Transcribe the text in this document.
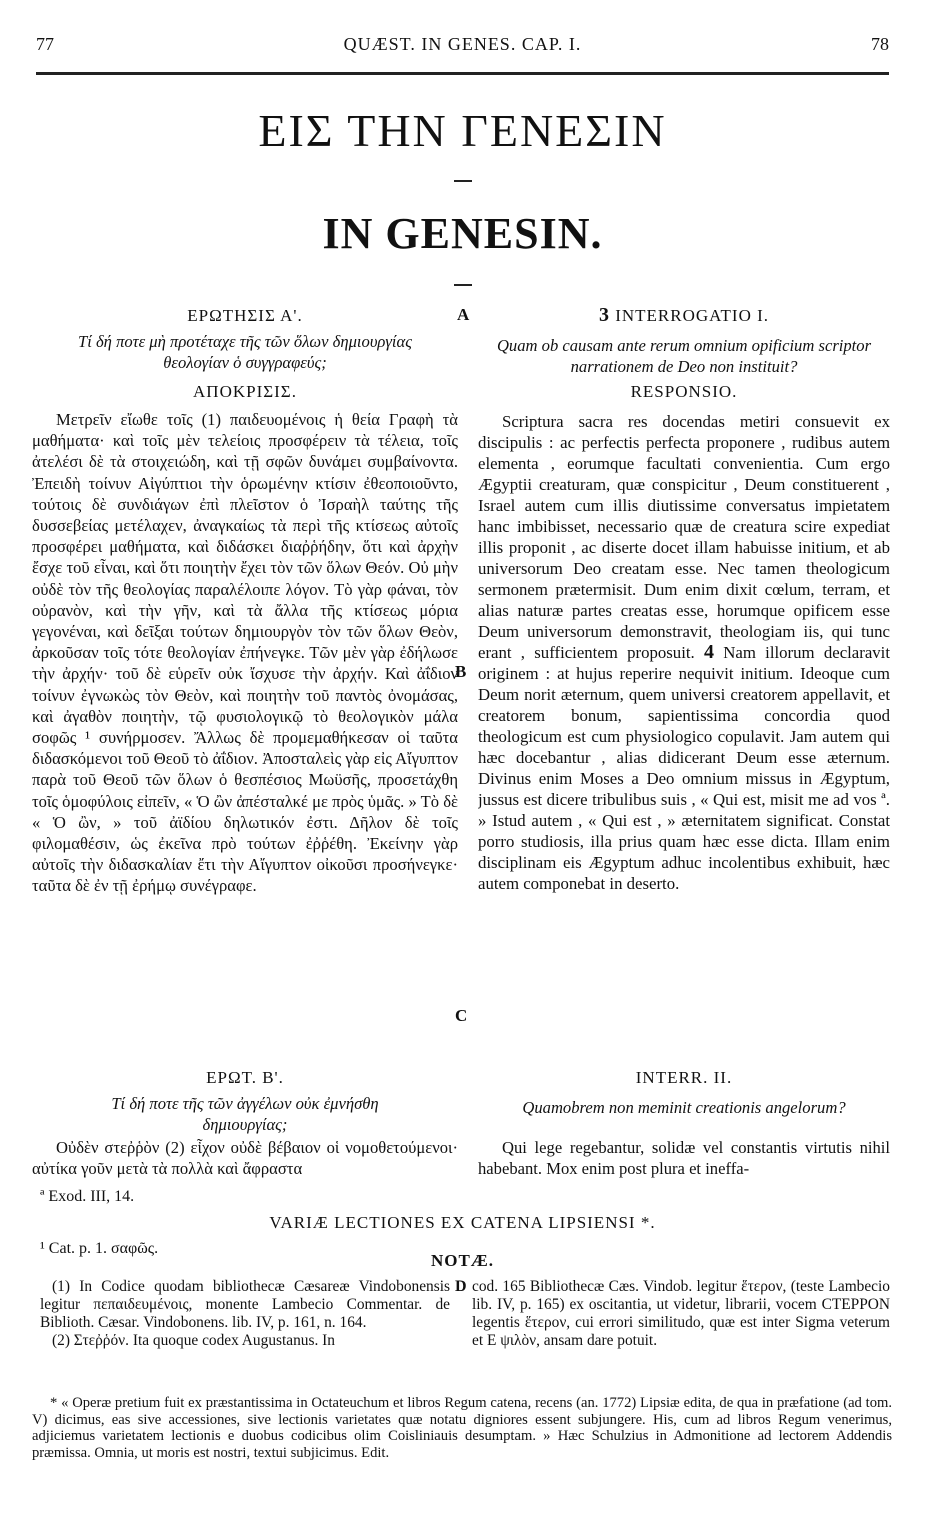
77	QUÆST. IN GENES. CAP. I.	78
ΕΙΣ ΤΗΝ ΓΕΝΕΣΙΝ
IN GENESIN.
ΕΡΩΤΗΣΙΣ Α'.
Τί δή ποτε μὴ προτέταχε τῆς τῶν ὅλων δημιουργίας θεολογίαν ὁ συγγραφεύς;
ΑΠΟΚΡΙΣΙΣ.
Μετρεῖν εἴωθε τοῖς (1) παιδευομένοις ἡ θεία Γραφὴ τὰ μαθήματα· καὶ τοῖς μὲν τελείοις προσφέρειν τὰ τέλεια, τοῖς ἀτελέσι δὲ τὰ στοιχειώδη, καὶ τῇ σφῶν δυνάμει συμβαίνοντα. Ἐπειδὴ τοίνυν Αἰγύπτιοι τὴν ὁρωμένην κτίσιν ἐθεοποιοῦντο, τούτοις δὲ συνδιάγων ἐπὶ πλεῖστον ὁ Ἰσραὴλ ταύτης τῆς δυσσεβείας μετέλαχεν, ἀναγκαίως τὰ περὶ τῆς κτίσεως αὐτοῖς προσφέρει μαθήματα, καὶ διδάσκει διαῤῥήδην, ὅτι καὶ ἀρχὴν ἔσχε τοῦ εἶναι, καὶ ὅτι ποιητὴν ἔχει τὸν τῶν ὅλων Θεόν. Οὐ μὴν οὐδὲ τὸν τῆς θεολογίας παραλέλοιπε λόγον. Τὸ γὰρ φάναι, τὸν οὐρανὸν, καὶ τὴν γῆν, καὶ τὰ ἄλλα τῆς κτίσεως μόρια γεγονέναι, καὶ δεῖξαι τούτων δημιουργὸν τὸν τῶν ὅλων Θεὸν, ἀρκοῦσαν τοῖς τότε θεολογίαν ἐπήνεγκε. Τῶν μὲν γὰρ ἐδήλωσε τὴν ἀρχήν· τοῦ δὲ εὑρεῖν οὐκ ἴσχυσε τὴν ἀρχήν. Καὶ ἀΐδιον τοίνυν ἐγνωκὼς τὸν Θεὸν, καὶ ποιητὴν τοῦ παντὸς ὀνομάσας, καὶ ἀγαθὸν ποιητὴν, τῷ φυσιολογικῷ τὸ θεολογικὸν μάλα σοφῶς ¹ συνήρμοσεν. Ἄλλως δὲ προμεμαθήκεσαν οἱ ταῦτα διδασκόμενοι τοῦ Θεοῦ τὸ ἀΐδιον. Ἀποσταλεὶς γὰρ εἰς Αἴγυπτον παρὰ τοῦ Θεοῦ τῶν ὅλων ὁ θεσπέσιος Μωϋσῆς, προσετάχθη τοῖς ὁμοφύλοις εἰπεῖν, « Ὁ ὢν ἀπέσταλκέ με πρὸς ὑμᾶς. » Τὸ δὲ « Ὁ ὢν, » τοῦ ἀϊδίου δηλωτικόν ἐστι. Δῆλον δὲ τοῖς φιλομαθέσιν, ὡς ἐκεῖνα πρὸ τούτων ἐῤῥέθη. Ἐκείνην γὰρ αὐτοῖς τὴν διδασκαλίαν ἔτι τὴν Αἴγυπτον οἰκοῦσι προσήνεγκε· ταῦτα δὲ ἐν τῇ ἐρήμῳ συνέγραφε.
A
B
C
3 INTERROGATIO I.
Quam ob causam ante rerum omnium opificium scriptor narrationem de Deo non instituit?
RESPONSIO.
Scriptura sacra res docendas metiri consuevit ex discipulis : ac perfectis perfecta proponere , rudibus autem elementa , eorumque facultati convenientia. Cum ergo Ægyptii creaturam, quæ conspicitur , Deum constituerent , Israel autem cum illis diutissime conversatus impietatem hanc imbibisset, necessario quæ de creatura scire expediat illis proponit , ac diserte docet illam habuisse initium, et ab universorum Deo creatam esse. Nec tamen theologicum sermonem prætermisit. Dum enim dixit cœlum, terram, et alias naturæ partes creatas esse, horumque opificem esse Deum universorum demonstravit, theologiam iis, qui tunc erant , sufficientem proposuit. 4 Nam illorum declaravit originem : at hujus reperire nequivit initium. Ideoque cum Deum norit æternum, quem universi creatorem appellavit, et creatorem bonum, sapientissima concordia quod theologicum est cum physiologico copulavit. Jam autem qui hæc docebantur , alias didicerant Deum esse æternum. Divinus enim Moses a Deo omnium missus in Ægyptum, jussus est dicere tribulibus suis , « Qui est, misit me ad vos ª. » Istud autem , « Qui est , » æternitatem significat. Constat porro studiosis, illa prius quam hæc esse dicta. Illam enim disciplinam eis Ægyptum adhuc incolentibus exhibuit, hæc autem componebat in deserto.
ΕΡΩΤ. Β'.
Τί δή ποτε τῆς τῶν ἀγγέλων οὐκ ἐμνήσθη δημιουργίας;
Οὐδὲν στεῤῥὸν (2) εἶχον οὐδὲ βέβαιον οἱ νομοθετούμενοι· αὐτίκα γοῦν μετὰ τὰ πολλὰ καὶ ἄφραστα
INTERR. II.
Quamobrem non meminit creationis angelorum?
Qui lege regebantur, solidæ vel constantis virtutis nihil habebant. Mox enim post plura et ineffa-
ª Exod. III, 14.
VARIÆ LECTIONES EX CATENA LIPSIENSI *.
¹ Cat. p. 1. σαφῶς.
NOTÆ.
(1) In Codice quodam bibliothecæ Cæsareæ Vindobonensis legitur πεπαιδευμένοις, monente Lambecio Commentar. de Biblioth. Cæsar. Vindobonens. lib. IV, p. 161, n. 164.
(2) Στεῤῥόν. Ita quoque codex Augustanus. In
D cod. 165 Bibliothecæ Cæs. Vindob. legitur ἕτερον, (teste Lambecio lib. IV, p. 165) ex oscitantia, ut videtur, librarii, vocem CTEPPON legentis ἕτερον, cui errori similitudo, quæ est inter Sigma veterum et E ψιλὸν, ansam dare potuit.
* « Operæ pretium fuit ex præstantissima in Octateuchum et libros Regum catena, recens (an. 1772) Lipsiæ edita, de qua in præfatione (ad tom. V) dicimus, eas sive accessiones, sive lectionis varietates quæ notatu digniores essent subjungere. His, cum ad libros Regum venerimus, adjiciemus varietatem lectionis e duobus codicibus olim Coisliniauis desumptam. » Hæc Schulzius in Admonitione ad lectorem Addendis præmissa. Omnia, ut moris est nostri, textui subjicimus. Edit.
